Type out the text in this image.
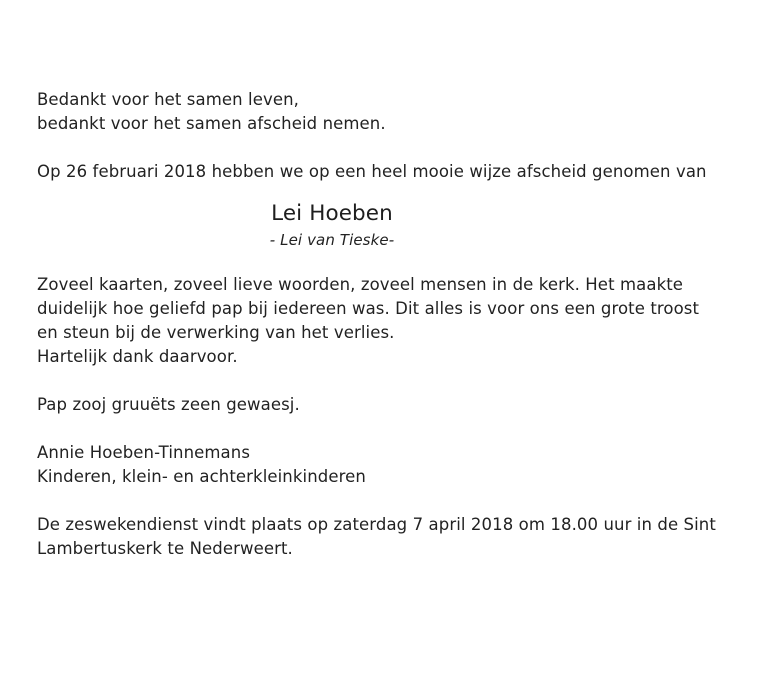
Bedankt voor het samen leven,
bedankt voor het samen afscheid nemen.
Op 26 februari 2018 hebben we op een heel mooie wijze afscheid genomen van
Lei Hoeben
- Lei van Tieske-
Zoveel kaarten, zoveel lieve woorden, zoveel mensen in de kerk. Het maakte
duidelijk hoe geliefd pap bij iedereen was. Dit alles is voor ons een grote troost
en steun bij de verwerking van het verlies.
Hartelijk dank daarvoor.
Pap zooj gruuëts zeen gewaesj.
Annie Hoeben-Tinnemans
Kinderen, klein- en achterkleinkinderen
De zeswekendienst vindt plaats op zaterdag 7 april 2018 om 18.00 uur in de Sint
Lambertuskerk te Nederweert.
